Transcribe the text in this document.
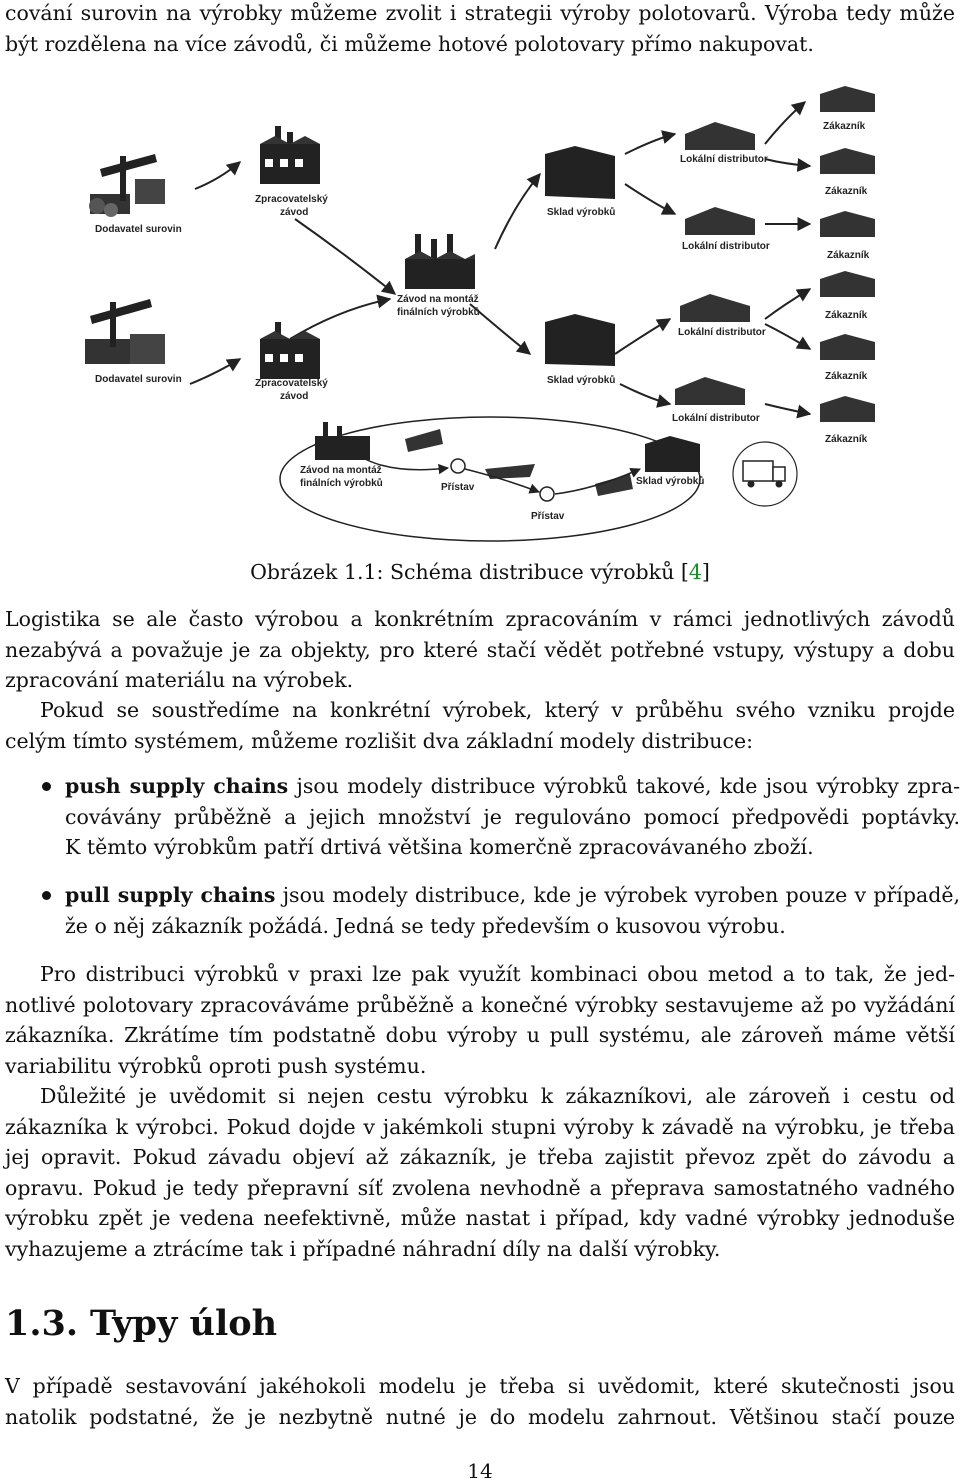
cování surovin na výrobky můžeme zvolit i strategii výroby polotovarů. Výroba tedy může
být rozdělena na více závodů, či můžeme hotové polotovary přímo nakupovat.
Dodavatel surovin
Dodavatel surovin
Zpracovatelský
závod
Zpracovatelský
závod
Závod na montáž
finálních výrobků
Sklad výrobků
Sklad výrobků
Lokální distributor
Lokální distributor
Lokální distributor
Lokální distributor
Zákazník
Zákazník
Zákazník
Zákazník
Zákazník
Zákazník
Závod na montáž
finálních výrobků	Přístav
Přístav
Sklad výrobků
Obrázek 1.1: Schéma distribuce výrobků [4]
Logistika se ale často výrobou a konkrétním zpracováním v rámci jednotlivých závodů
nezabývá a považuje je za objekty, pro které stačí vědět potřebné vstupy, výstupy a dobu
zpracování materiálu na výrobek.
Pokud se soustředíme na konkrétní výrobek, který v průběhu svého vzniku projde
celým tímto systémem, můžeme rozlišit dva základní modely distribuce:
push supply chains jsou modely distribuce výrobků takové, kde jsou výrobky zpra-
covávány průběžně a jejich množství je regulováno pomocí předpovědi poptávky.
K těmto výrobkům patří drtivá většina komerčně zpracovávaného zboží.
pull supply chains jsou modely distribuce, kde je výrobek vyroben pouze v případě,
že o něj zákazník požádá. Jedná se tedy především o kusovou výrobu.
Pro distribuci výrobků v praxi lze pak využít kombinaci obou metod a to tak, že jed-
notlivé polotovary zpracováváme průběžně a konečné výrobky sestavujeme až po vyžádání
zákazníka. Zkrátíme tím podstatně dobu výroby u pull systému, ale zároveň máme větší
variabilitu výrobků oproti push systému.
Důležité je uvědomit si nejen cestu výrobku k zákazníkovi, ale zároveň i cestu od
zákazníka k výrobci. Pokud dojde v jakémkoli stupni výroby k závadě na výrobku, je třeba
jej opravit. Pokud závadu objeví až zákazník, je třeba zajistit převoz zpět do závodu a
opravu. Pokud je tedy přepravní síť zvolena nevhodně a přeprava samostatného vadného
výrobku zpět je vedena neefektivně, může nastat i případ, kdy vadné výrobky jednoduše
vyhazujeme a ztrácíme tak i případné náhradní díly na další výrobky.
1.3. Typy úloh
V případě sestavování jakéhokoli modelu je třeba si uvědomit, které skutečnosti jsou
natolik podstatné, že je nezbytně nutné je do modelu zahrnout. Většinou stačí pouze
14
